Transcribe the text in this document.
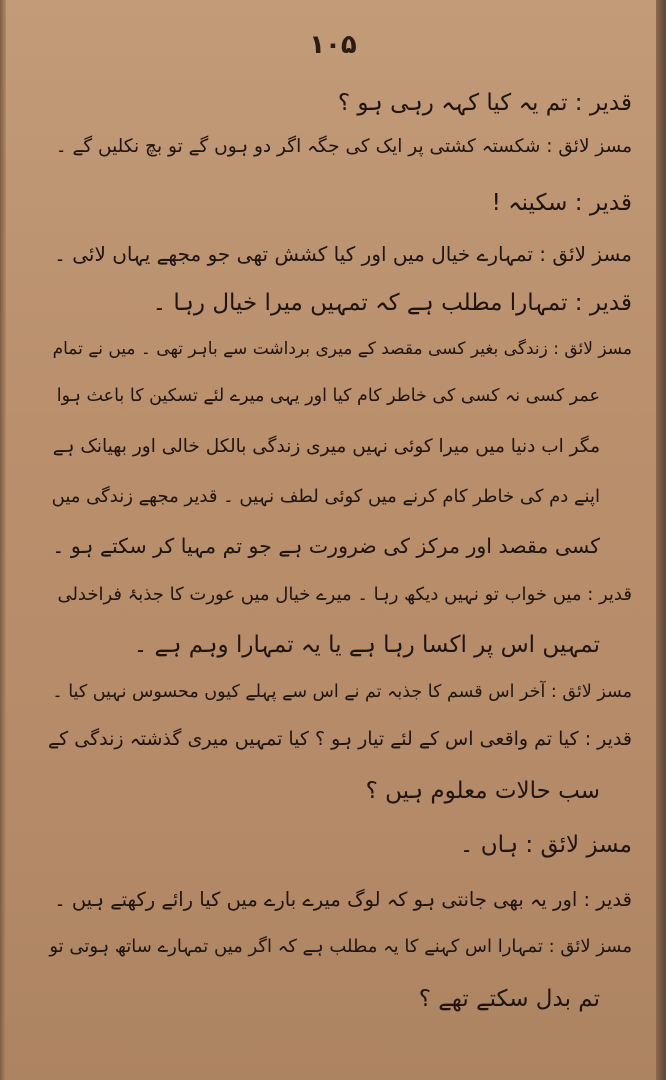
۱۰۵
قدیر : تم یہ کیا کہہ رہی ہو ؟
مسز لائق : شکستہ کشتی پر ایک کی جگہ اگر دو ہوں گے تو بچ نکلیں گے ۔
قدیر : سکینہ !
مسز لائق : تمہارے خیال میں اور کیا کشش تھی جو مجھے یہاں لائی ۔
قدیر : تمہارا مطلب ہے کہ تمہیں میرا خیال رہا ۔
مسز لائق : زندگی بغیر کسی مقصد کے میری برداشت سے باہر تھی ۔ میں نے تمام
عمر کسی نہ کسی کی خاطر کام کیا اور یہی میرے لئے تسکین کا باعث ہوا
مگر اب دنیا میں میرا کوئی نہیں میری زندگی بالکل خالی اور بھیانک ہے
اپنے دم کی خاطر کام کرنے میں کوئی لطف نہیں ۔ قدیر مجھے زندگی میں
کسی مقصد اور مرکز کی ضرورت ہے جو تم مہیا کر سکتے ہو ۔
قدیر : میں خواب تو نہیں دیکھ رہا ۔ میرے خیال میں عورت کا جذبۂ فراخدلی
تمہیں اس پر اکسا رہا ہے یا یہ تمہارا وہم ہے ۔
مسز لائق : آخر اس قسم کا جذبہ تم نے اس سے پہلے کیوں محسوس نہیں کیا ۔
قدیر : کیا تم واقعی اس کے لئے تیار ہو ؟ کیا تمہیں میری گذشتہ زندگی کے
سب حالات معلوم ہیں ؟
مسز لائق : ہاں ۔
قدیر : اور یہ بھی جانتی ہو کہ لوگ میرے بارے میں کیا رائے رکھتے ہیں ۔
مسز لائق : تمہارا اس کہنے کا یہ مطلب ہے کہ اگر میں تمہارے ساتھ ہوتی تو
تم بدل سکتے تھے ؟
